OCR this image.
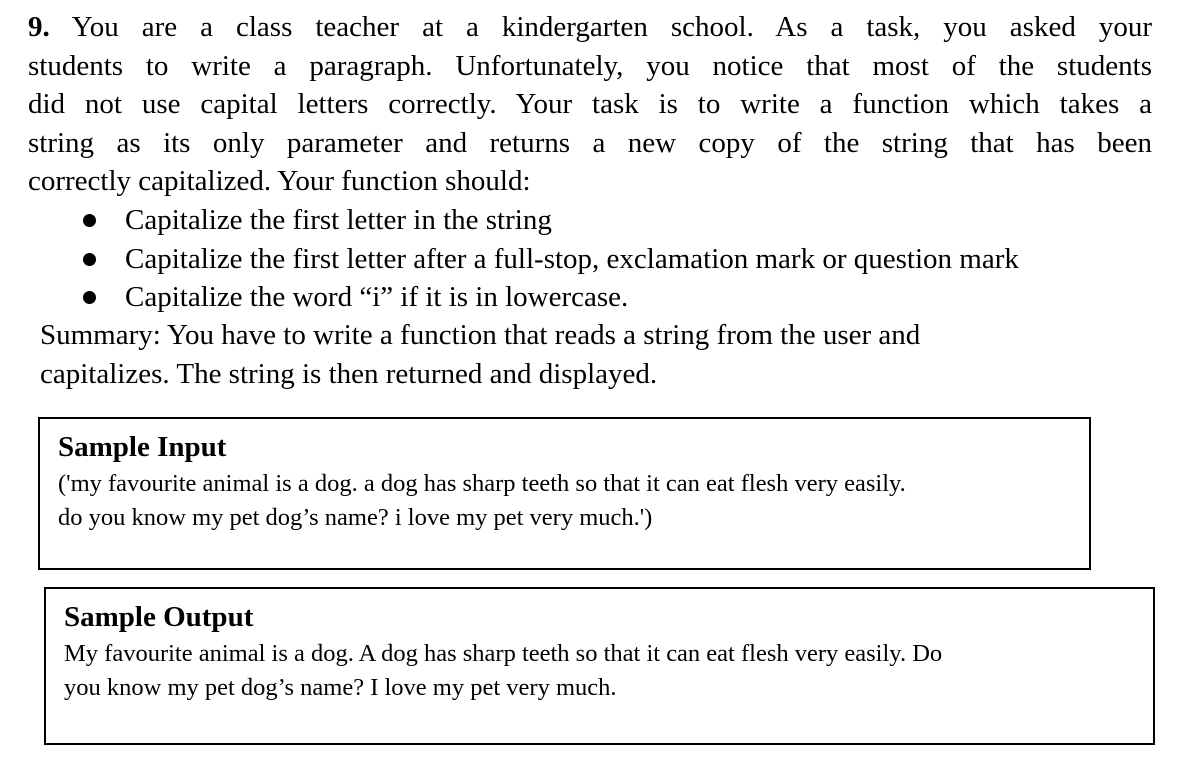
9. You are a class teacher at a kindergarten school. As a task, you asked your
students to write a paragraph. Unfortunately, you notice that most of the students
did not use capital letters correctly. Your task is to write a function which takes a
string as its only parameter and returns a new copy of the string that has been
correctly capitalized. Your function should:
Capitalize the first letter in the string
Capitalize the first letter after a full-stop, exclamation mark or question mark
Capitalize the word “i” if it is in lowercase.
Summary: You have to write a function that reads a string from the user and
capitalizes. The string is then returned and displayed.
Sample Input
('my favourite animal is a dog. a dog has sharp teeth so that it can eat flesh very easily.
do you know my pet dog’s name? i love my pet very much.')
Sample Output
My favourite animal is a dog. A dog has sharp teeth so that it can eat flesh very easily. Do
you know my pet dog’s name? I love my pet very much.
